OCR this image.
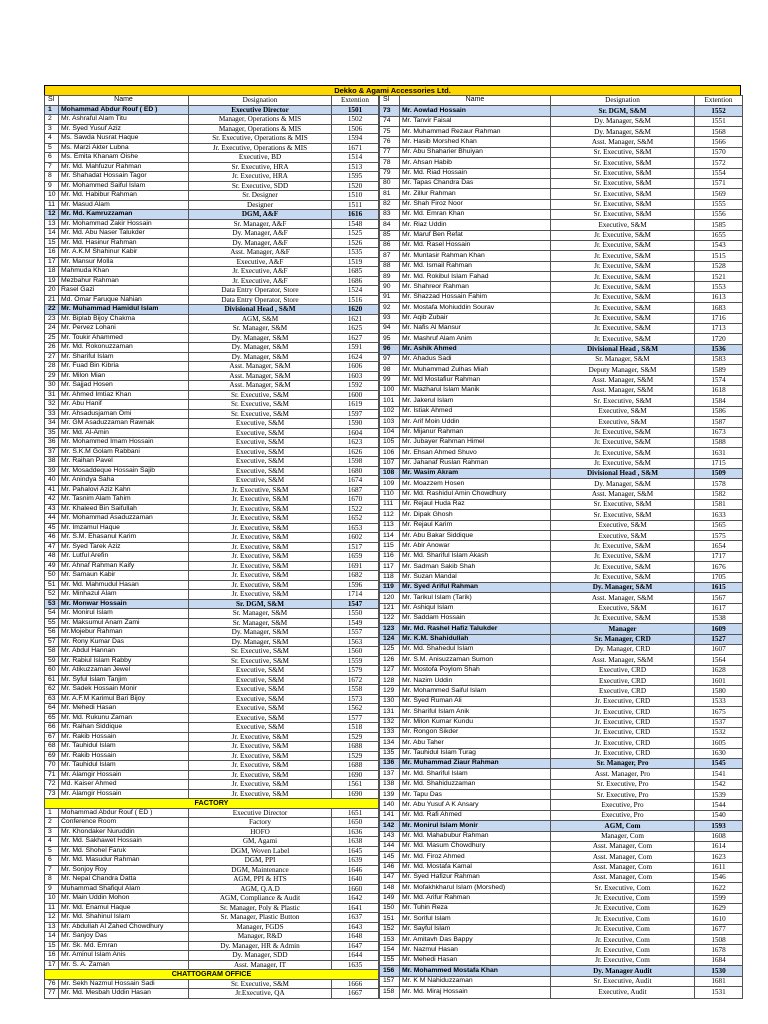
Dekko & Agami Accessories Ltd.
Sl	Name	Designation	Extention
1	Mohammad Abdur Rouf ( ED )	Executive Director	1501
2	Mr. Ashraful Alam Titu	Manager, Operations & MIS	1502
3	Mr. Syed Yusuf Aziz	Manager, Operations & MIS	1506
4	Ms. Sawda Nusrat Haque	Sr. Executive, Operations & MIS	1594
5	Ms. Marzi Akter Lubna	Jr. Executive, Operations & MIS	1671
6	Ms. Emita Khanam Oishe	Executive, BD	1514
7	Mr. Md. Mahfuzur Rahman	Sr. Executive, HRA	1513
8	Mr. Shahadat Hossain Tagor	Jr. Executive, HRA	1595
9	Mr. Mohammed Saiful Islam	Sr. Executive, SDD	1520
10	Mr. Md. Habibur Rahman	Sr. Designer	1510
11	Mr. Masud Alam	Designer	1511
12	Mr. Md. Kamruzzaman	DGM, A&F	1616
13	Mr. Mohammad Zakir Hossain	Sr. Manager, A&F	1548
14	Mr. Md. Abu Naser Talukder	Dy. Manager, A&F	1525
15	Mr. Md. Hasinur Rahman	Dy. Manager, A&F	1526
16	Mr. A.K.M Shahinur Kabir	Asst. Manager, A&F	1535
17	Mr. Mansur Molla	Executive, A&F	1519
18	Mahmuda Khan	Jr. Executive, A&F	1685
19	Mezbahur Rahman	Jr. Executive, A&F	1686
20	Rasel Gazi	Data Entry Operator, Store	1524
21	Md. Omar Faruque Nahian	Data Entry Operator, Store	1516
22	Mr. Muhammad Hamidul Islam	Divisional Head , S&M	1620
23	Mr. Biplab Bijoy Chakma	AGM, S&M	1621
24	Mr. Pervez Lohani	Sr. Manager, S&M	1625
25	Mr. Toukir Ahammed	Dy. Manager, S&M	1627
26	Mr. Md. Rokonuzzaman	Dy. Manager, S&M	1591
27	Mr. Shariful Islam	Dy. Manager, S&M	1624
28	Mr. Fuad Bin Kibria	Asst. Manager, S&M	1606
29	Mr. Milon Mian	Asst. Manager, S&M	1603
30	Mr. Sajjad Hosen	Asst. Manager, S&M	1592
31	Mr. Ahmed Imtiaz Khan	Sr. Executive, S&M	1600
32	Mr. Abu Hanif	Sr. Executive, S&M	1619
33	Mr. Ahsadusjaman Omi	Sr. Executive, S&M	1597
34	Mr. GM Asaduzzaman Rawnak	Executive, S&M	1590
35	Mr. Md. Al-Amin	Executive, S&M	1604
36	Mr. Mohammed Imam Hossain	Executive, S&M	1623
37	Mr. S.K.M Golam Rabbani	Executive, S&M	1626
38	Mr. Raihan Pavel	Executive, S&M	1598
39	Mr. Mosaddeque Hossain Sajib	Executive, S&M	1680
40	Mr. Anindya Saha	Executive, S&M	1674
41	Mr. Pahalovi Aziz Kahn	Jr. Executive, S&M	1687
42	Mr. Tasnim Alam Tahim	Jr. Executive, S&M	1670
43	Mr. Khaleed Bin Saifullah	Jr. Executive, S&M	1522
44	Mr. Mohammad Asaduzzaman	Jr. Executive, S&M	1652
45	Mr. Imzamul Haque	Jr. Executive, S&M	1653
46	Mr. S.M. Ehasanul Karim	Jr. Executive, S&M	1602
47	Mr. Syed Tarek Aziz	Jr. Executive, S&M	1517
48	Mr. Lutful Arefin	Jr. Executive, S&M	1659
49	Mr. Ahnaf Rahman Kaify	Jr. Executive, S&M	1691
50	Mr. Samaun Kabir	Jr. Executive, S&M	1682
51	Mr. Md. Mahmudul Hasan	Jr. Executive, S&M	1596
52	Mr. Minhazul Alam	Jr. Executive, S&M	1714
53	Mr. Monwar Hossain	Sr. DGM, S&M	1547
54	Mr. Monirul Islam	Sr. Manager, S&M	1550
55	Mr. Maksumul Anam Zami	Sr. Manager, S&M	1549
56	Mr.Mojebur Rahman	Dy. Manager, S&M	1557
57	Mr. Rony Kumar Das	Dy. Manager, S&M	1563
58	Mr. Abdul Hannan	Sr. Executive, S&M	1560
59	Mr. Rabiul Islam Rabby	Sr. Executive, S&M	1559
60	Mr. Atikuzzaman Jewel	Executive, S&M	1579
61	Mr. Syful Islam Tanjim	Executive, S&M	1672
62	Mr. Sadek Hossain Monir	Executive, S&M	1558
63	Mr. A.F.M Karimul Bari Bijoy	Executive, S&M	1573
64	Mr. Mehedi Hasan	Executive, S&M	1562
65	Mr. Md. Rukunu Zaman	Executive, S&M	1577
66	Mr. Raihan Siddique	Executive, S&M	1518
67	Mr. Rakib Hossain	Jr. Executive, S&M	1529
68	Mr. Tauhidul Islam	Jr. Executive, S&M	1688
69	Mr. Rakib Hossain	Jr. Executive, S&M	1529
70	Mr. Tauhidul Islam	Jr. Executive, S&M	1688
71	Mr. Alamgir Hossain	Jr. Executive, S&M	1690
72	Md. Kaiser Ahmed	Jr. Executive, S&M	1561
73	Mr. Alamgir Hossain	Jr. Executive, S&M	1690
FACTORY			
1	Mohammad Abdur Rouf ( ED )	Executive Director	1651
2	Conference Room	Factory	1650
3	Mr. Khondaker Nuruddin	HOFO	1636
4	Mr. Md. Sakhawet Hossain	GM, Agami	1638
5	Mr. Md. Shohel Faruk	DGM, Woven Label	1645
6	Mr. Md. Masudur Rahman	DGM, PPI	1639
7	Mr. Sonjoy Roy	DGM, Maintenance	1646
8	Mr. Nepal Chandra Datta	AGM, PPI & HTS	1640
9	Muhammad Shafiqul Alam	AGM, Q.A.D	1660
10	Mr. Main Uddin Mohon	AGM, Compliance & Audit	1642
11	Mr. Md. Enamul Haque	Sr. Manager, Poly & Plastic	1641
12	Mr. Md. Shahinul Islam	Sr. Manager, Plastic Button	1637
13	Mr. Abdullah Al Zahed Chowdhury	Manager, FGDS	1643
14	Mr. Sanjoy Das	Manager, R&D	1648
15	Mr. Sk. Md. Emran	Dy. Manager, HR & Admin	1647
16	Mr. Aminul Islam Anis	Dy. Manager, SDD	1644
17	Mr. S. A. Zaman	Asst. Manager, IT	1635
CHATTOGRAM OFFICE			
76	Mr. Sekh Nazmul Hossain Sadi	Sr. Executive, S&M	1666
77	Mr. Md. Mesbah Uddin Hasan	Jr.Executive, QA	1667
Sl	Name	Designation	Extention
73	Mr. Aowlad Hossain	Sr. DGM, S&M	1552
74	Mr. Tanvir Faisal	Dy. Manager, S&M	1551
75	Mr. Muhammad Rezaur Rahman	Dy. Manager, S&M	1568
76	Mr. Hasib Morshed Khan	Asst. Manager, S&M	1566
77	Mr. Abu Shaharier Bhuiyan	Sr. Executive, S&M	1570
78	Mr. Ahsan Habib	Sr. Executive, S&M	1572
79	Mr. Md. Riad Hossain	Sr. Executive, S&M	1554
80	Mr. Tapas Chandra Das	Sr. Executive, S&M	1571
81	Mr. Zillur Rahman	Sr. Executive, S&M	1569
82	Mr. Shah Firoz Noor	Sr. Executive, S&M	1555
83	Mr. Md. Emran Khan	Sr. Executive, S&M	1556
84	Mr. Riaz Uddin	Executive, S&M	1585
85	Mr. Maruf Ben Refat	Jr. Executive, S&M	1655
86	Mr. Md. Rasel Hossain	Jr. Executive, S&M	1543
87	Mr. Muntasir Rahman Khan	Jr. Executive, S&M	1515
88	Mr. Md. Ismail Rahman	Jr. Executive, S&M	1528
89	Mr. Md. Rokibul Islam Fahad	Jr. Executive, S&M	1521
90	Mr. Shahreor Rahman	Jr. Executive, S&M	1553
91	Mr. Shazzad Hossain Fahim	Jr. Executive, S&M	1613
92	Mr. Mostafa Mohiuddin Sourav	Jr. Executive, S&M	1683
93	Mr. Aqib Zubair	Jr. Executive, S&M	1716
94	Mr. Nafis Al Mansur	Jr. Executive, S&M	1713
95	Mr. Mashruf Alam Anim	Jr. Executive, S&M	1720
96	Mr. Ashik Ahmed	Divisional Head , S&M	1536
97	Mr. Ahadus Sadi	Sr. Manager, S&M	1583
98	Mr. Muhammad Zulhas Miah	Deputy Manager, S&M	1589
99	Mr. Md Mostafiur Rahman	Asst. Manager, S&M	1574
100	Mr. Mazharul Islam Manik	Asst. Manager, S&M	1618
101	Mr. Jakerul Islam	Sr. Executive, S&M	1584
102	Mr. Istiak Ahmed	Executive, S&M	1586
103	Mr. Arif Moin Uddin	Executive, S&M	1587
104	Mr. Mijanur Rahman	Jr. Executive, S&M	1673
105	Mr. Jubayer Rahman Himel	Jr. Executive, S&M	1588
106	Mr. Ehsan Ahmed Shuvo	Jr. Executive, S&M	1631
107	Mr. Jahanaf Ruslan Rahman	Jr. Executive, S&M	1715
108	Mr. Wasim Akram	Divisional Head , S&M	1509
109	Mr. Moazzem Hosen	Dy. Manager, S&M	1578
110	Mr. Md. Rashidul Amin Chowdhury	Asst. Manager, S&M	1582
111	Mr. Rejaul Huda Raz	Sr. Executive, S&M	1581
112	Mr. Dipak Ghosh	Sr. Executive, S&M	1633
113	Mr. Rejaul Karim	Executive, S&M	1565
114	Mr. Abu Bakar Siddique	Executive, S&M	1575
115	Mr. Abir Anowar	Jr. Executive, S&M	1654
116	Mr. Md. Shariful Islam Akash	Jr. Executive, S&M	1717
117	Mr. Sadman Sakib Shah	Jr. Executive, S&M	1676
118	Mr. Suzan Mandal	Jr. Executive, S&M	1705
119	Mr. Syed Ariful Rahman	Dy. Manager, S&M	1615
120	Mr. Tarikul Islam (Tarik)	Asst. Manager, S&M	1567
121	Mr. Ashiqul Islam	Executive, S&M	1617
122	Mr. Saddam Hossain	Jr. Executive, S&M	1538
123	Mr. Md. Rashel Hafiz Talukder	Manager	1609
124	Mr. K.M. Shahidullah	Sr. Manager, CRD	1527
125	Mr. Md. Shahedul Islam	Dy. Manager, CRD	1607
126	Mr. S.M. Anisuzzaman Sumon	Asst. Manager, S&M	1564
127	Mr. Mostofa Poylom Shah	Executive, CRD	1628
128	Mr. Nazim Uddin	Executive, CRD	1601
129	Mr. Mohammed Saiful Islam	Executive, CRD	1580
130	Mr. Syed Ruman Ali	Jr. Executive, CRD	1533
131	Mr. Shariful Islam Anik	Jr. Executive, CRD	1675
132	Mr. Milon Kumar Kundu	Jr. Executive, CRD	1537
133	Mr. Rongon Sikder	Jr. Executive, CRD	1532
134	Mr. Abu Taher	Jr. Executive, CRD	1605
135	Mr. Tauhidul Islam Turag	Jr. Executive, CRD	1630
136	Mr. Muhammad Ziaur Rahman	Sr. Manager, Pro	1545
137	Mr. Md. Shariful Islam	Asst. Manager, Pro	1541
138	Mr. Md. Shahiduzzaman	Sr. Executive, Pro	1542
139	Mr. Tapu Das	Sr. Executive, Pro	1539
140	Mr. Abu Yusuf A K Ansary	Executive, Pro	1544
141	Mr. Md. Rafi Ahmed	Executive, Pro	1540
142	Mr. Monirul Islam Monir	AGM, Com	1593
143	Mr. Md. Mahabubur Rahman	Manager, Com	1608
144	Mr. Md. Masum Chowdhury	Asst. Manager, Com	1614
145	Mr. Md. Firoz Ahmed	Asst. Manager, Com	1623
146	Mr. Md. Mostafa Kamal	Asst. Manager, Com	1611
147	Mr. Syed Hafizur Rahman	Asst. Manager, Com	1546
148	Mr. Mofakhkharul Islam (Morshed)	Sr. Executive, Com	1622
149	Mr. Md. Arifur Rahman	Jr. Executive, Com	1599
150	Mr. Tuhin Reza	Jr. Executive, Com	1629
151	Mr. Soriful Islam	Jr. Executive, Com	1610
152	Mr. Sayful Islam	Jr. Executive, Com	1677
153	Mr. Amitavh Das Bappy	Jr. Executive, Com	1508
154	Mr. Nazmul Hasan	Jr. Executive, Com	1678
155	Mr. Mehedi Hasan	Jr. Executive, Com	1684
156	Mr. Mohammed Mostafa Khan	Dy. Manager Audit	1530
157	Mr. K M Nahiduzzaman	Sr. Executive, Audit	1681
158	Mr. Md. Miraj Hossain	Executive, Audit	1531
